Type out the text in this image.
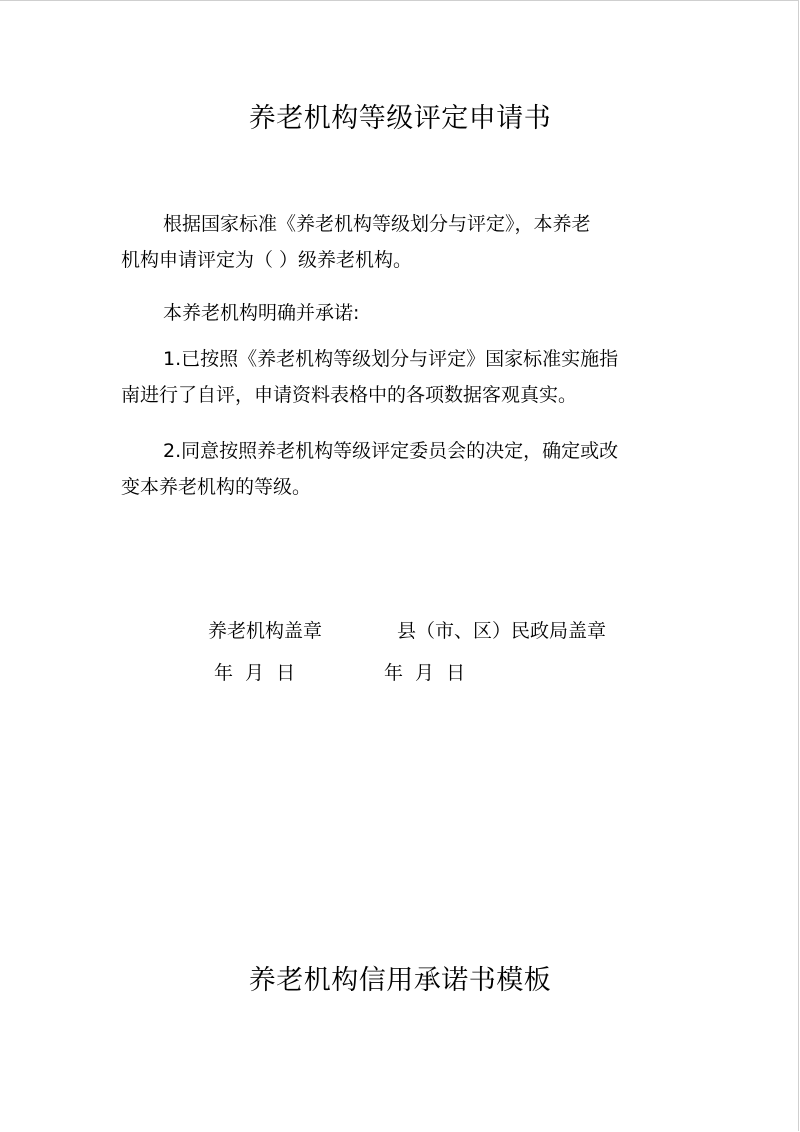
养老机构等级评定申请书

根据国家标准《养老机构等级划分与评定》，本养老
机构申请评定为（ ）级养老机构。

本养老机构明确并承诺:

1.已按照《养老机构等级划分与评定》国家标准实施指
南进行了自评，申请资料表格中的各项数据客观真实。

2.同意按照养老机构等级评定委员会的决定，确定或改
变本养老机构的等级。

养老机构盖章	县（市、区）民政局盖章
年 月 日	年 月 日
养老机构信用承诺书模板
